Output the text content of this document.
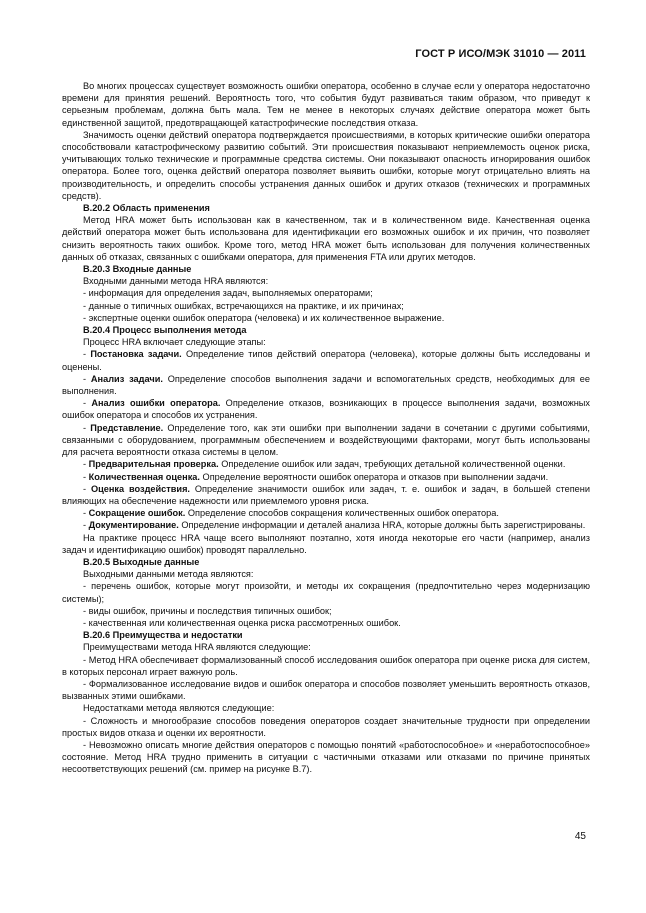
ГОСТ Р ИСО/МЭК 31010 — 2011

Во многих процессах существует возможность ошибки оператора, особенно в случае если у оператора недостаточно времени для принятия решений. Вероятность того, что события будут развиваться таким образом, что приведут к серьезным проблемам, должна быть мала. Тем не менее в некоторых случаях действие оператора может быть единственной защитой, предотвращающей катастрофические последствия отказа.

Значимость оценки действий оператора подтверждается происшествиями, в которых критические ошибки оператора способствовали катастрофическому развитию событий. Эти происшествия показывают неприемлемость оценок риска, учитывающих только технические и программные средства системы. Они показывают опасность игнорирования ошибок оператора. Более того, оценка действий оператора позволяет выявить ошибки, которые могут отрицательно влиять на производительность, и определить способы устранения данных ошибок и других отказов (технических и программных средств).

В.20.2 Область применения

Метод HRA может быть использован как в качественном, так и в количественном виде. Качественная оценка действий оператора может быть использована для идентификации его возможных ошибок и их причин, что позволяет снизить вероятность таких ошибок. Кроме того, метод HRA может быть использован для получения количественных данных об отказах, связанных с ошибками оператора, для применения FTA или других методов.

В.20.3 Входные данные

Входными данными метода HRA являются:

- информация для определения задач, выполняемых операторами;

- данные о типичных ошибках, встречающихся на практике, и их причинах;

- экспертные оценки ошибок оператора (человека) и их количественное выражение.

В.20.4 Процесс выполнения метода

Процесс HRA включает следующие этапы:

- Постановка задачи. Определение типов действий оператора (человека), которые должны быть исследованы и оценены.

- Анализ задачи. Определение способов выполнения задачи и вспомогательных средств, необходимых для ее выполнения.

- Анализ ошибки оператора. Определение отказов, возникающих в процессе выполнения задачи, возможных ошибок оператора и способов их устранения.

- Представление. Определение того, как эти ошибки при выполнении задачи в сочетании с другими событиями, связанными с оборудованием, программным обеспечением и воздействующими факторами, могут быть использованы для расчета вероятности отказа системы в целом.

- Предварительная проверка. Определение ошибок или задач, требующих детальной количественной оценки.

- Количественная оценка. Определение вероятности ошибок оператора и отказов при выполнении задачи.

- Оценка воздействия. Определение значимости ошибок или задач, т. е. ошибок и задач, в большей степени влияющих на обеспечение надежности или приемлемого уровня риска.

- Сокращение ошибок. Определение способов сокращения количественных ошибок оператора.

- Документирование. Определение информации и деталей анализа HRA, которые должны быть зарегистрированы.

На практике процесс HRA чаще всего выполняют поэтапно, хотя иногда некоторые его части (например, анализ задач и идентификацию ошибок) проводят параллельно.

В.20.5 Выходные данные

Выходными данными метода являются:

- перечень ошибок, которые могут произойти, и методы их сокращения (предпочтительно через модернизацию системы);

- виды ошибок, причины и последствия типичных ошибок;

- качественная или количественная оценка риска рассмотренных ошибок.

В.20.6 Преимущества и недостатки

Преимуществами метода HRA являются следующие:

- Метод HRA обеспечивает формализованный способ исследования ошибок оператора при оценке риска для систем, в которых персонал играет важную роль.

- Формализованное исследование видов и ошибок оператора и способов позволяет уменьшить вероятность отказов, вызванных этими ошибками.

Недостатками метода являются следующие:

- Сложность и многообразие способов поведения операторов создает значительные трудности при определении простых видов отказа и оценки их вероятности.

- Невозможно описать многие действия операторов с помощью понятий «работоспособное» и «неработоспособное» состояние. Метод HRA трудно применить в ситуации с частичными отказами или отказами по причине принятых несоответствующих решений (см. пример на рисунке В.7).

45
